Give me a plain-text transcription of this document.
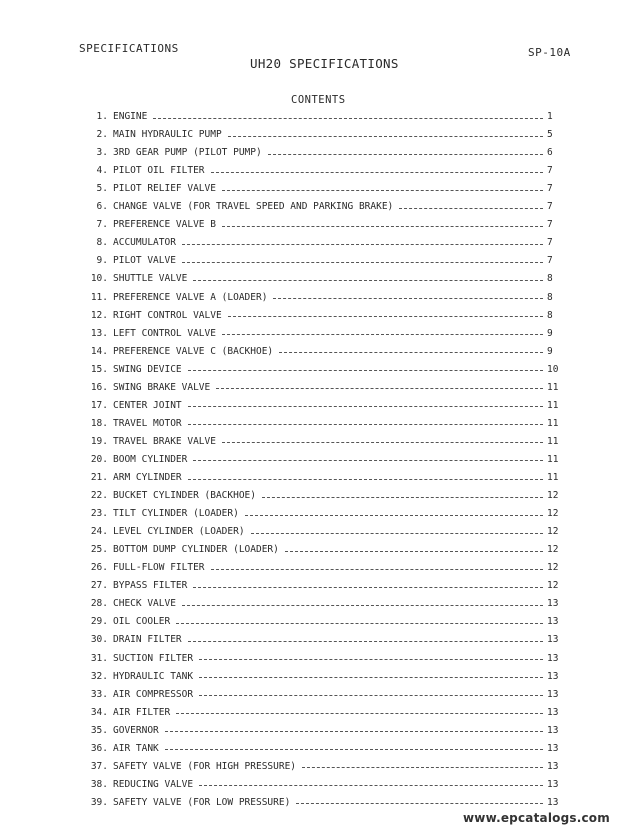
SPECIFICATIONS	SP-10A
UH20 SPECIFICATIONS
CONTENTS
1. ENGINE	1
2. MAIN HYDRAULIC PUMP	5
3. 3RD GEAR PUMP (PILOT PUMP)	6
4. PILOT OIL FILTER	7
5. PILOT RELIEF VALVE	7
6. CHANGE VALVE (FOR TRAVEL SPEED AND PARKING BRAKE)	7
7. PREFERENCE VALVE B	7
8. ACCUMULATOR	7
9. PILOT VALVE	7
10. SHUTTLE VALVE	8
11. PREFERENCE VALVE A (LOADER)	8
12. RIGHT CONTROL VALVE	8
13. LEFT CONTROL VALVE	9
14. PREFERENCE VALVE C (BACKHOE)	9
15. SWING DEVICE	10
16. SWING BRAKE VALVE	11
17. CENTER JOINT	11
18. TRAVEL MOTOR	11
19. TRAVEL BRAKE VALVE	11
20. BOOM CYLINDER	11
21. ARM CYLINDER	11
22. BUCKET CYLINDER (BACKHOE)	12
23. TILT CYLINDER (LOADER)	12
24. LEVEL CYLINDER (LOADER)	12
25. BOTTOM DUMP CYLINDER (LOADER)	12
26. FULL-FLOW FILTER	12
27. BYPASS FILTER	12
28. CHECK VALVE	13
29. OIL COOLER	13
30. DRAIN FILTER	13
31. SUCTION FILTER	13
32. HYDRAULIC TANK	13
33. AIR COMPRESSOR	13
34. AIR FILTER	13
35. GOVERNOR	13
36. AIR TANK	13
37. SAFETY VALVE (FOR HIGH PRESSURE)	13
38. REDUCING VALVE	13
39. SAFETY VALVE (FOR LOW PRESSURE)	13
www.epcatalogs.com
